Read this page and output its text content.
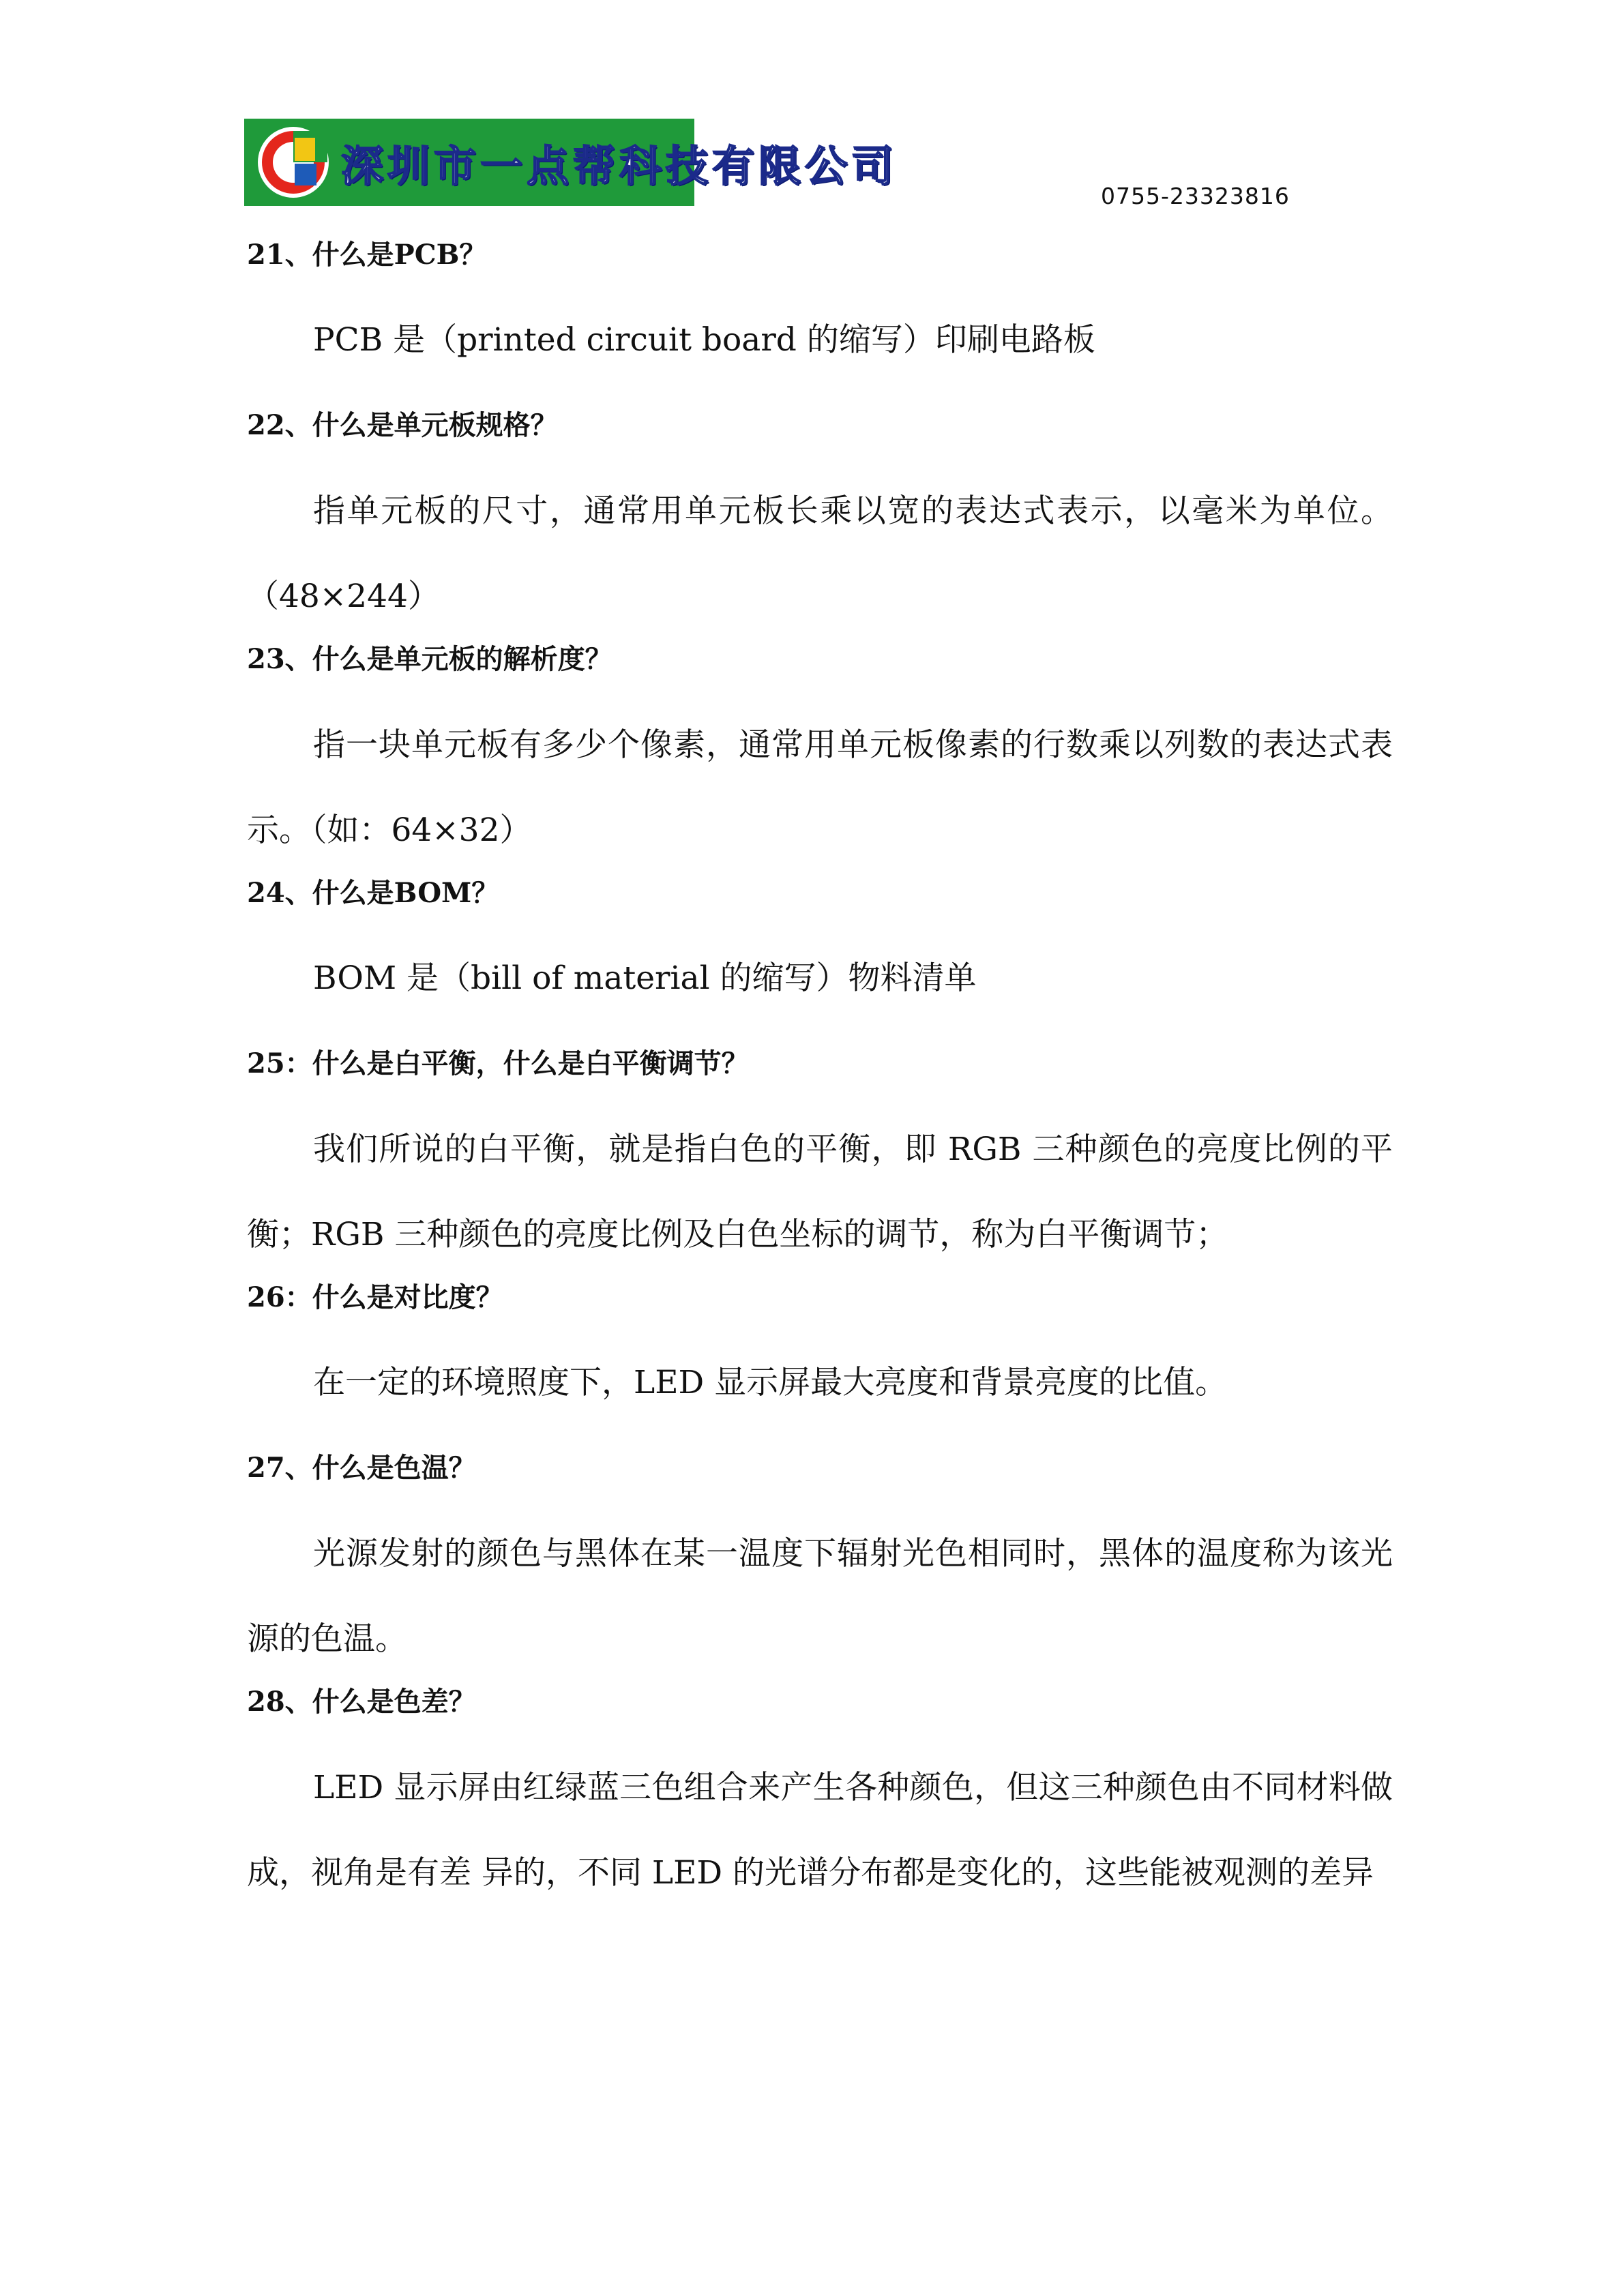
深圳市一点帮科技有限公司
0755-23323816

21、什么是PCB？

PCB 是（printed circuit board 的缩写）印刷电路板

22、什么是单元板规格？

指单元板的尺寸，通常用单元板长乘以宽的表达式表示，以毫米为单位。（48×244）

23、什么是单元板的解析度？

指一块单元板有多少个像素，通常用单元板像素的行数乘以列数的表达式表示。（如：64×32）

24、什么是BOM？

BOM 是（bill of material 的缩写）物料清单

25：什么是白平衡，什么是白平衡调节？

我们所说的白平衡，就是指白色的平衡，即 RGB 三种颜色的亮度比例的平衡；RGB 三种颜色的亮度比例及白色坐标的调节，称为白平衡调节；

26：什么是对比度？

在一定的环境照度下，LED 显示屏最大亮度和背景亮度的比值。

27、什么是色温？

光源发射的颜色与黑体在某一温度下辐射光色相同时，黑体的温度称为该光源的色温。

28、什么是色差？

LED 显示屏由红绿蓝三色组合来产生各种颜色，但这三种颜色由不同材料做成，视角是有差 异的，不同 LED 的光谱分布都是变化的，这些能被观测的差异
